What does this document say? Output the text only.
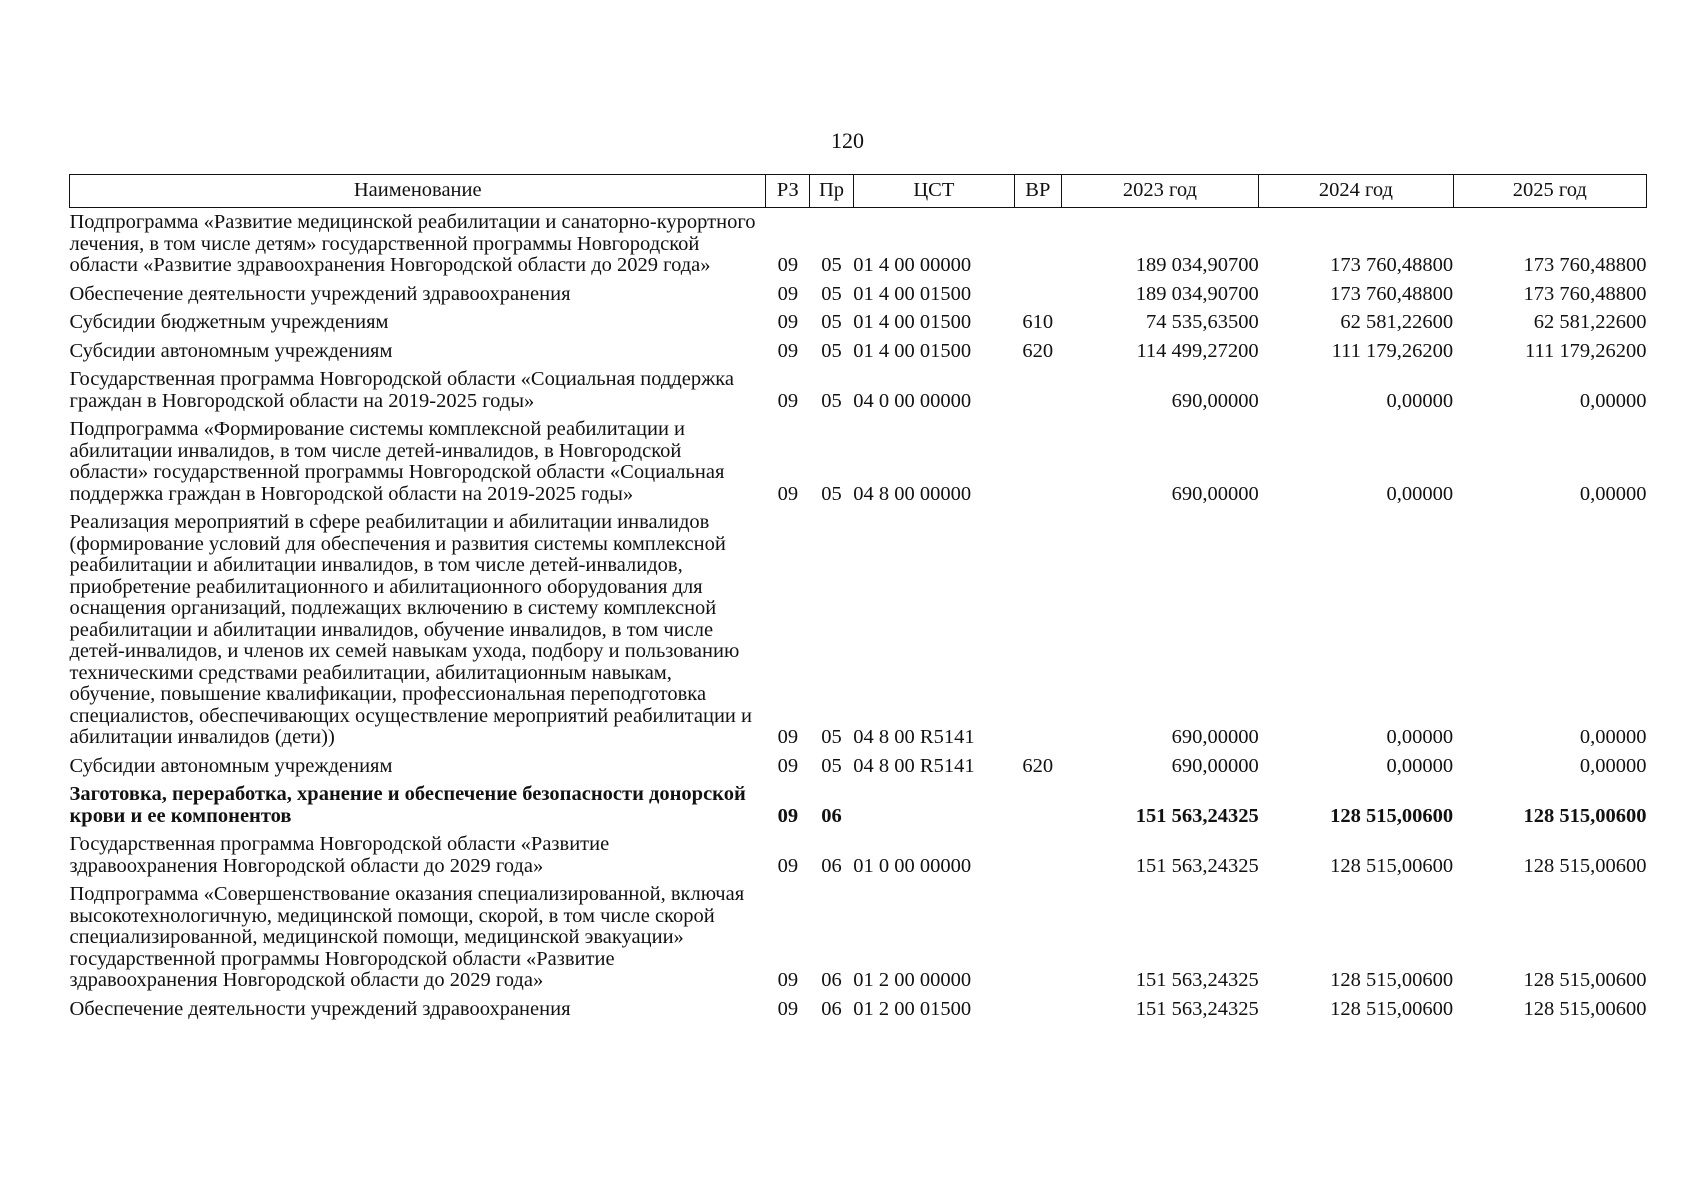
120
Наименование	РЗ	Пр	ЦСТ	ВР	2023 год	2024 год	2025 год
Подпрограмма «Развитие медицинской реабилитации и санаторно-курортного лечения, в том числе детям» государственной программы Новгородской области «Развитие здравоохранения Новгородской области до 2029 года»	09	05	01 4 00 00000		189 034,90700	173 760,48800	173 760,48800
Обеспечение деятельности учреждений здравоохранения	09	05	01 4 00 01500		189 034,90700	173 760,48800	173 760,48800
Субсидии бюджетным учреждениям	09	05	01 4 00 01500	610	74 535,63500	62 581,22600	62 581,22600
Субсидии автономным учреждениям	09	05	01 4 00 01500	620	114 499,27200	111 179,26200	111 179,26200
Государственная программа Новгородской области «Социальная поддержка граждан в Новгородской области на 2019-2025 годы»	09	05	04 0 00 00000		690,00000	0,00000	0,00000
Подпрограмма «Формирование системы комплексной реабилитации и абилитации инвалидов, в том числе детей-инвалидов, в Новгородской области» государственной программы Новгородской области «Социальная поддержка граждан в Новгородской области на 2019-2025 годы»	09	05	04 8 00 00000		690,00000	0,00000	0,00000
Реализация мероприятий в сфере реабилитации и абилитации инвалидов (формирование условий для обеспечения и развития системы комплексной реабилитации и абилитации инвалидов, в том числе детей-инвалидов, приобретение реабилитационного и абилитационного оборудования для оснащения организаций, подлежащих включению в систему комплексной реабилитации и абилитации инвалидов, обучение инвалидов, в том числе детей-инвалидов, и членов их семей навыкам ухода, подбору и пользованию техническими средствами реабилитации, абилитационным навыкам, обучение, повышение квалификации, профессиональная переподготовка специалистов, обеспечивающих осуществление мероприятий реабилитации и абилитации инвалидов (дети))	09	05	04 8 00 R5141		690,00000	0,00000	0,00000
Субсидии автономным учреждениям	09	05	04 8 00 R5141	620	690,00000	0,00000	0,00000
Заготовка, переработка, хранение и обеспечение безопасности донорской крови и ее компонентов	09	06			151 563,24325	128 515,00600	128 515,00600
Государственная программа Новгородской области «Развитие здравоохранения Новгородской области до 2029 года»	09	06	01 0 00 00000		151 563,24325	128 515,00600	128 515,00600
Подпрограмма «Совершенствование оказания специализированной, включая высокотехнологичную, медицинской помощи, скорой, в том числе скорой специализированной, медицинской помощи, медицинской эвакуации» государственной программы Новгородской области «Развитие здравоохранения Новгородской области до 2029 года»	09	06	01 2 00 00000		151 563,24325	128 515,00600	128 515,00600
Обеспечение деятельности учреждений здравоохранения	09	06	01 2 00 01500		151 563,24325	128 515,00600	128 515,00600
